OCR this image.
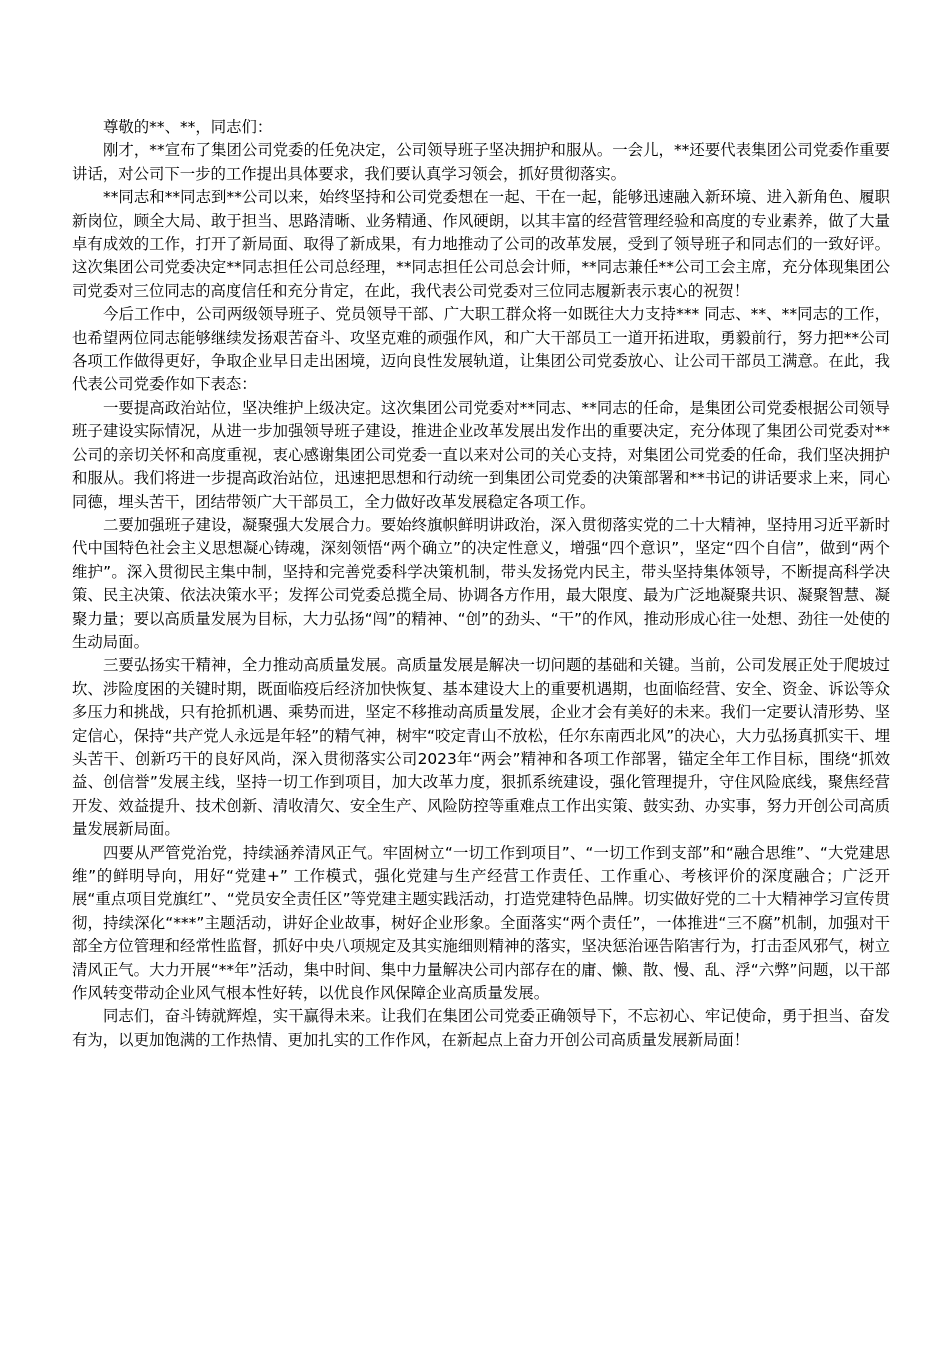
尊敬的**、**，同志们：

刚才，**宣布了集团公司党委的任免决定，公司领导班子坚决拥护和服从。一会儿，**还要代表集团公司党委作重要讲话，对公司下一步的工作提出具体要求，我们要认真学习领会，抓好贯彻落实。

**同志和**同志到**公司以来，始终坚持和公司党委想在一起、干在一起，能够迅速融入新环境、进入新角色、履职新岗位，顾全大局、敢于担当、思路清晰、业务精通、作风硬朗，以其丰富的经营管理经验和高度的专业素养，做了大量卓有成效的工作，打开了新局面、取得了新成果，有力地推动了公司的改革发展，受到了领导班子和同志们的一致好评。这次集团公司党委决定**同志担任公司总经理，**同志担任公司总会计师，**同志兼任**公司工会主席，充分体现集团公司党委对三位同志的高度信任和充分肯定，在此，我代表公司党委对三位同志履新表示衷心的祝贺！

今后工作中，公司两级领导班子、党员领导干部、广大职工群众将一如既往大力支持*** 同志、**、**同志的工作，也希望两位同志能够继续发扬艰苦奋斗、攻坚克难的顽强作风，和广大干部员工一道开拓进取，勇毅前行，努力把**公司各项工作做得更好，争取企业早日走出困境，迈向良性发展轨道，让集团公司党委放心、让公司干部员工满意。在此，我代表公司党委作如下表态：

一要提高政治站位，坚决维护上级决定。这次集团公司党委对**同志、**同志的任命，是集团公司党委根据公司领导班子建设实际情况，从进一步加强领导班子建设，推进企业改革发展出发作出的重要决定，充分体现了集团公司党委对**公司的亲切关怀和高度重视，衷心感谢集团公司党委一直以来对公司的关心支持，对集团公司党委的任命，我们坚决拥护和服从。我们将进一步提高政治站位，迅速把思想和行动统一到集团公司党委的决策部署和**书记的讲话要求上来，同心同德，埋头苦干，团结带领广大干部员工，全力做好改革发展稳定各项工作。

二要加强班子建设，凝聚强大发展合力。要始终旗帜鲜明讲政治，深入贯彻落实党的二十大精神，坚持用习近平新时代中国特色社会主义思想凝心铸魂，深刻领悟“两个确立”的决定性意义，增强“四个意识”，坚定“四个自信”，做到“两个维护”。深入贯彻民主集中制，坚持和完善党委科学决策机制，带头发扬党内民主，带头坚持集体领导，不断提高科学决策、民主决策、依法决策水平；发挥公司党委总揽全局、协调各方作用，最大限度、最为广泛地凝聚共识、凝聚智慧、凝聚力量；要以高质量发展为目标，大力弘扬“闯”的精神、“创”的劲头、“干”的作风，推动形成心往一处想、劲往一处使的生动局面。

三要弘扬实干精神，全力推动高质量发展。高质量发展是解决一切问题的基础和关键。当前，公司发展正处于爬坡过坎、涉险度困的关键时期，既面临疫后经济加快恢复、基本建设大上的重要机遇期，也面临经营、安全、资金、诉讼等众多压力和挑战，只有抢抓机遇、乘势而进，坚定不移推动高质量发展，企业才会有美好的未来。我们一定要认清形势、坚定信心，保持“共产党人永远是年轻”的精气神，树牢“咬定青山不放松，任尔东南西北风”的决心，大力弘扬真抓实干、埋头苦干、创新巧干的良好风尚，深入贯彻落实公司2023年“两会”精神和各项工作部署，锚定全年工作目标，围绕“抓效益、创信誉”发展主线，坚持一切工作到项目，加大改革力度，狠抓系统建设，强化管理提升，守住风险底线，聚焦经营开发、效益提升、技术创新、清收清欠、安全生产、风险防控等重难点工作出实策、鼓实劲、办实事，努力开创公司高质量发展新局面。

四要从严管党治党，持续涵养清风正气。牢固树立“一切工作到项目”、“一切工作到支部”和“融合思维”、“大党建思维”的鲜明导向，用好“党建+” 工作模式，强化党建与生产经营工作责任、工作重心、考核评价的深度融合；广泛开展“重点项目党旗红”、“党员安全责任区”等党建主题实践活动，打造党建特色品牌。切实做好党的二十大精神学习宣传贯彻，持续深化“***”主题活动，讲好企业故事，树好企业形象。全面落实“两个责任”，一体推进“三不腐”机制，加强对干部全方位管理和经常性监督，抓好中央八项规定及其实施细则精神的落实，坚决惩治诬告陷害行为，打击歪风邪气，树立清风正气。大力开展“**年”活动，集中时间、集中力量解决公司内部存在的庸、懒、散、慢、乱、浮“六弊”问题，以干部作风转变带动企业风气根本性好转，以优良作风保障企业高质量发展。

同志们，奋斗铸就辉煌，实干赢得未来。让我们在集团公司党委正确领导下，不忘初心、牢记使命，勇于担当、奋发有为，以更加饱满的工作热情、更加扎实的工作作风，在新起点上奋力开创公司高质量发展新局面！
